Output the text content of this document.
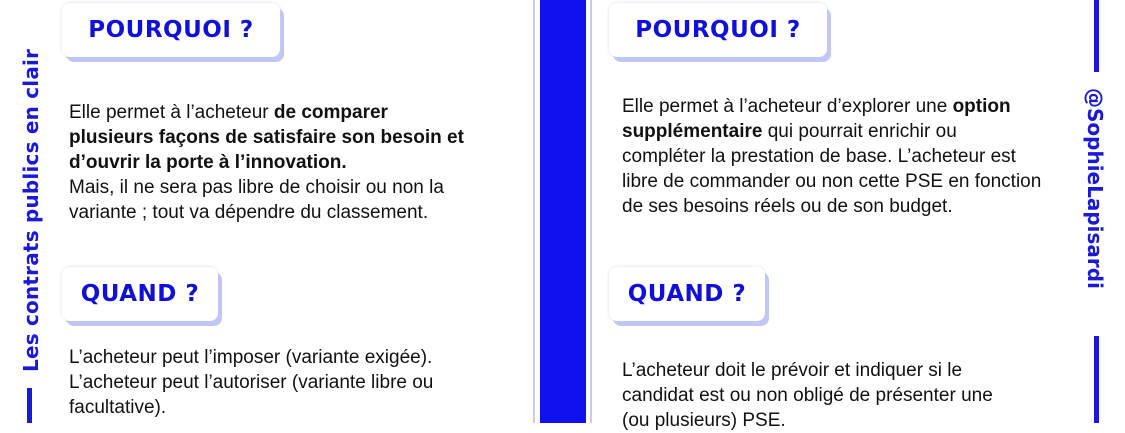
Les contrats publics en clair	@SophieLapisardi
POURQUOI ?
Elle permet à l’acheteur de comparer
plusieurs façons de satisfaire son besoin et
d’ouvrir la porte à l’innovation.
Mais, il ne sera pas libre de choisir ou non la
variante ; tout va dépendre du classement.
QUAND ?
L’acheteur peut l’imposer (variante exigée).
L’acheteur peut l’autoriser (variante libre ou
facultative).
POURQUOI ?
Elle permet à l’acheteur d’explorer une option
supplémentaire qui pourrait enrichir ou
compléter la prestation de base. L’acheteur est
libre de commander ou non cette PSE en fonction
de ses besoins réels ou de son budget.
QUAND ?
L’acheteur doit le prévoir et indiquer si le
candidat est ou non obligé de présenter une
(ou plusieurs) PSE.
